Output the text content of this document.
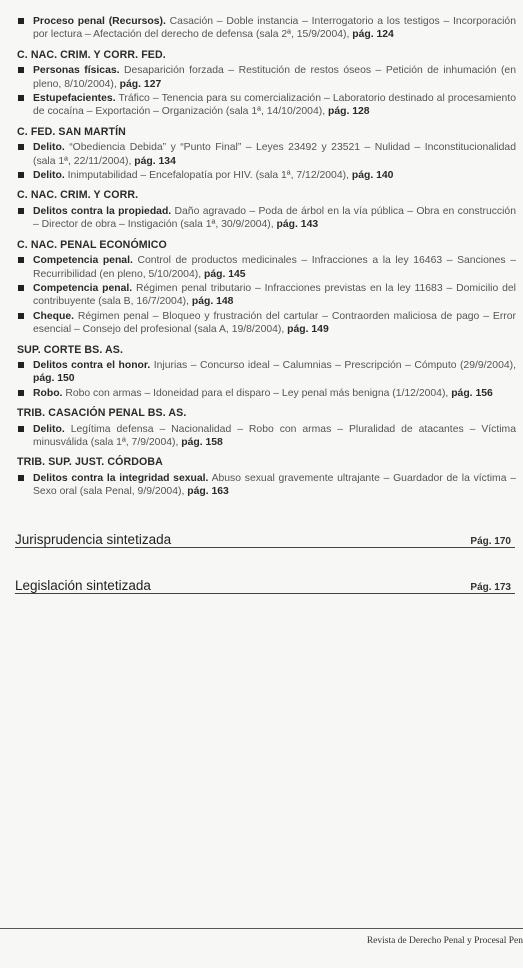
Proceso penal (Recursos). Casación – Doble instancia – Interrogatorio a los testigos – Incorporación por lectura – Afectación del derecho de defensa (sala 2ª, 15/9/2004), pág. 124
C. NAC. CRIM. Y CORR. FED.
Personas físicas. Desaparición forzada – Restitución de restos óseos – Petición de inhumación (en pleno, 8/10/2004), pág. 127
Estupefacientes. Tráfico – Tenencia para su comercialización – Laboratorio destinado al procesamiento de cocaína – Exportación – Organización (sala 1ª, 14/10/2004), pág. 128
C. FED. SAN MARTÍN
Delito. “Obediencia Debida” y “Punto Final” – Leyes 23492 y 23521 – Nulidad – Inconstitucionalidad (sala 1ª, 22/11/2004), pág. 134
Delito. Inimputabilidad – Encefalopatía por HIV. (sala 1ª, 7/12/2004), pág. 140
C. NAC. CRIM. Y CORR.
Delitos contra la propiedad. Daño agravado – Poda de árbol en la vía pública – Obra en construcción – Director de obra – Instigación (sala 1ª, 30/9/2004), pág. 143
C. NAC. PENAL ECONÓMICO
Competencia penal. Control de productos medicinales – Infracciones a la ley 16463 – Sanciones – Recurribilidad (en pleno, 5/10/2004), pág. 145
Competencia penal. Régimen penal tributario – Infracciones previstas en la ley 11683 – Domicilio del contribuyente (sala B, 16/7/2004), pág. 148
Cheque. Régimen penal – Bloqueo y frustración del cartular – Contraorden maliciosa de pago – Error esencial – Consejo del profesional (sala A, 19/8/2004), pág. 149
SUP. CORTE BS. AS.
Delitos contra el honor. Injurias – Concurso ideal – Calumnias – Prescripción – Cómputo (29/9/2004), pág. 150
Robo. Robo con armas – Idoneidad para el disparo – Ley penal más benigna (1/12/2004), pág. 156
TRIB. CASACIÓN PENAL BS. AS.
Delito. Legítima defensa – Nacionalidad – Robo con armas – Pluralidad de atacantes – Víctima minusválida (sala 1ª, 7/9/2004), pág. 158
TRIB. SUP. JUST. CÓRDOBA
Delitos contra la integridad sexual. Abuso sexual gravemente ultrajante – Guardador de la víctima – Sexo oral (sala Penal, 9/9/2004), pág. 163
Jurisprudencia sintetizada	Pág. 170
Legislación sintetizada	Pág. 173
Revista de Derecho Penal y Procesal Pen
